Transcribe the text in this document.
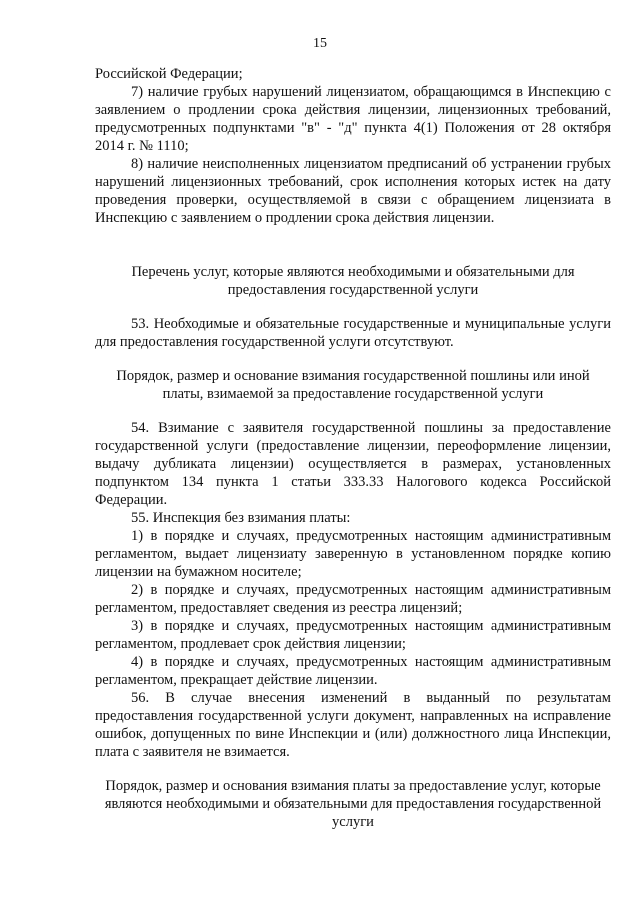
15

Российской Федерации;

7) наличие грубых нарушений лицензиатом, обращающимся в Инспекцию с заявлением о продлении срока действия лицензии, лицензионных требований, предусмотренных подпунктами "в" - "д" пункта 4(1) Положения от 28 октября 2014 г. № 1110;

8) наличие неисполненных лицензиатом предписаний об устранении грубых нарушений лицензионных требований, срок исполнения которых истек на дату проведения проверки, осуществляемой в связи с обращением лицензиата в Инспекцию с заявлением о продлении срока действия лицензии.

Перечень услуг, которые являются необходимыми и обязательными для предоставления государственной услуги

53. Необходимые и обязательные государственные и муниципальные услуги для предоставления государственной услуги отсутствуют.

Порядок, размер и основание взимания государственной пошлины или иной платы, взимаемой за предоставление государственной услуги

54. Взимание с заявителя государственной пошлины за предоставление государственной услуги (предоставление лицензии, переоформление лицензии, выдачу дубликата лицензии) осуществляется в размерах, установленных подпунктом 134 пункта 1 статьи 333.33 Налогового кодекса Российской Федерации.

55. Инспекция без взимания платы:

1) в порядке и случаях, предусмотренных настоящим административным регламентом, выдает лицензиату заверенную в установленном порядке копию лицензии на бумажном носителе;

2) в порядке и случаях, предусмотренных настоящим административным регламентом, предоставляет сведения из реестра лицензий;

3) в порядке и случаях, предусмотренных настоящим административным регламентом, продлевает срок действия лицензии;

4) в порядке и случаях, предусмотренных настоящим административным регламентом, прекращает действие лицензии.

56. В случае внесения изменений в выданный по результатам предоставления государственной услуги документ, направленных на исправление ошибок, допущенных по вине Инспекции и (или) должностного лица Инспекции, плата с заявителя не взимается.

Порядок, размер и основания взимания платы за предоставление услуг, которые являются необходимыми и обязательными для предоставления государственной услуги
